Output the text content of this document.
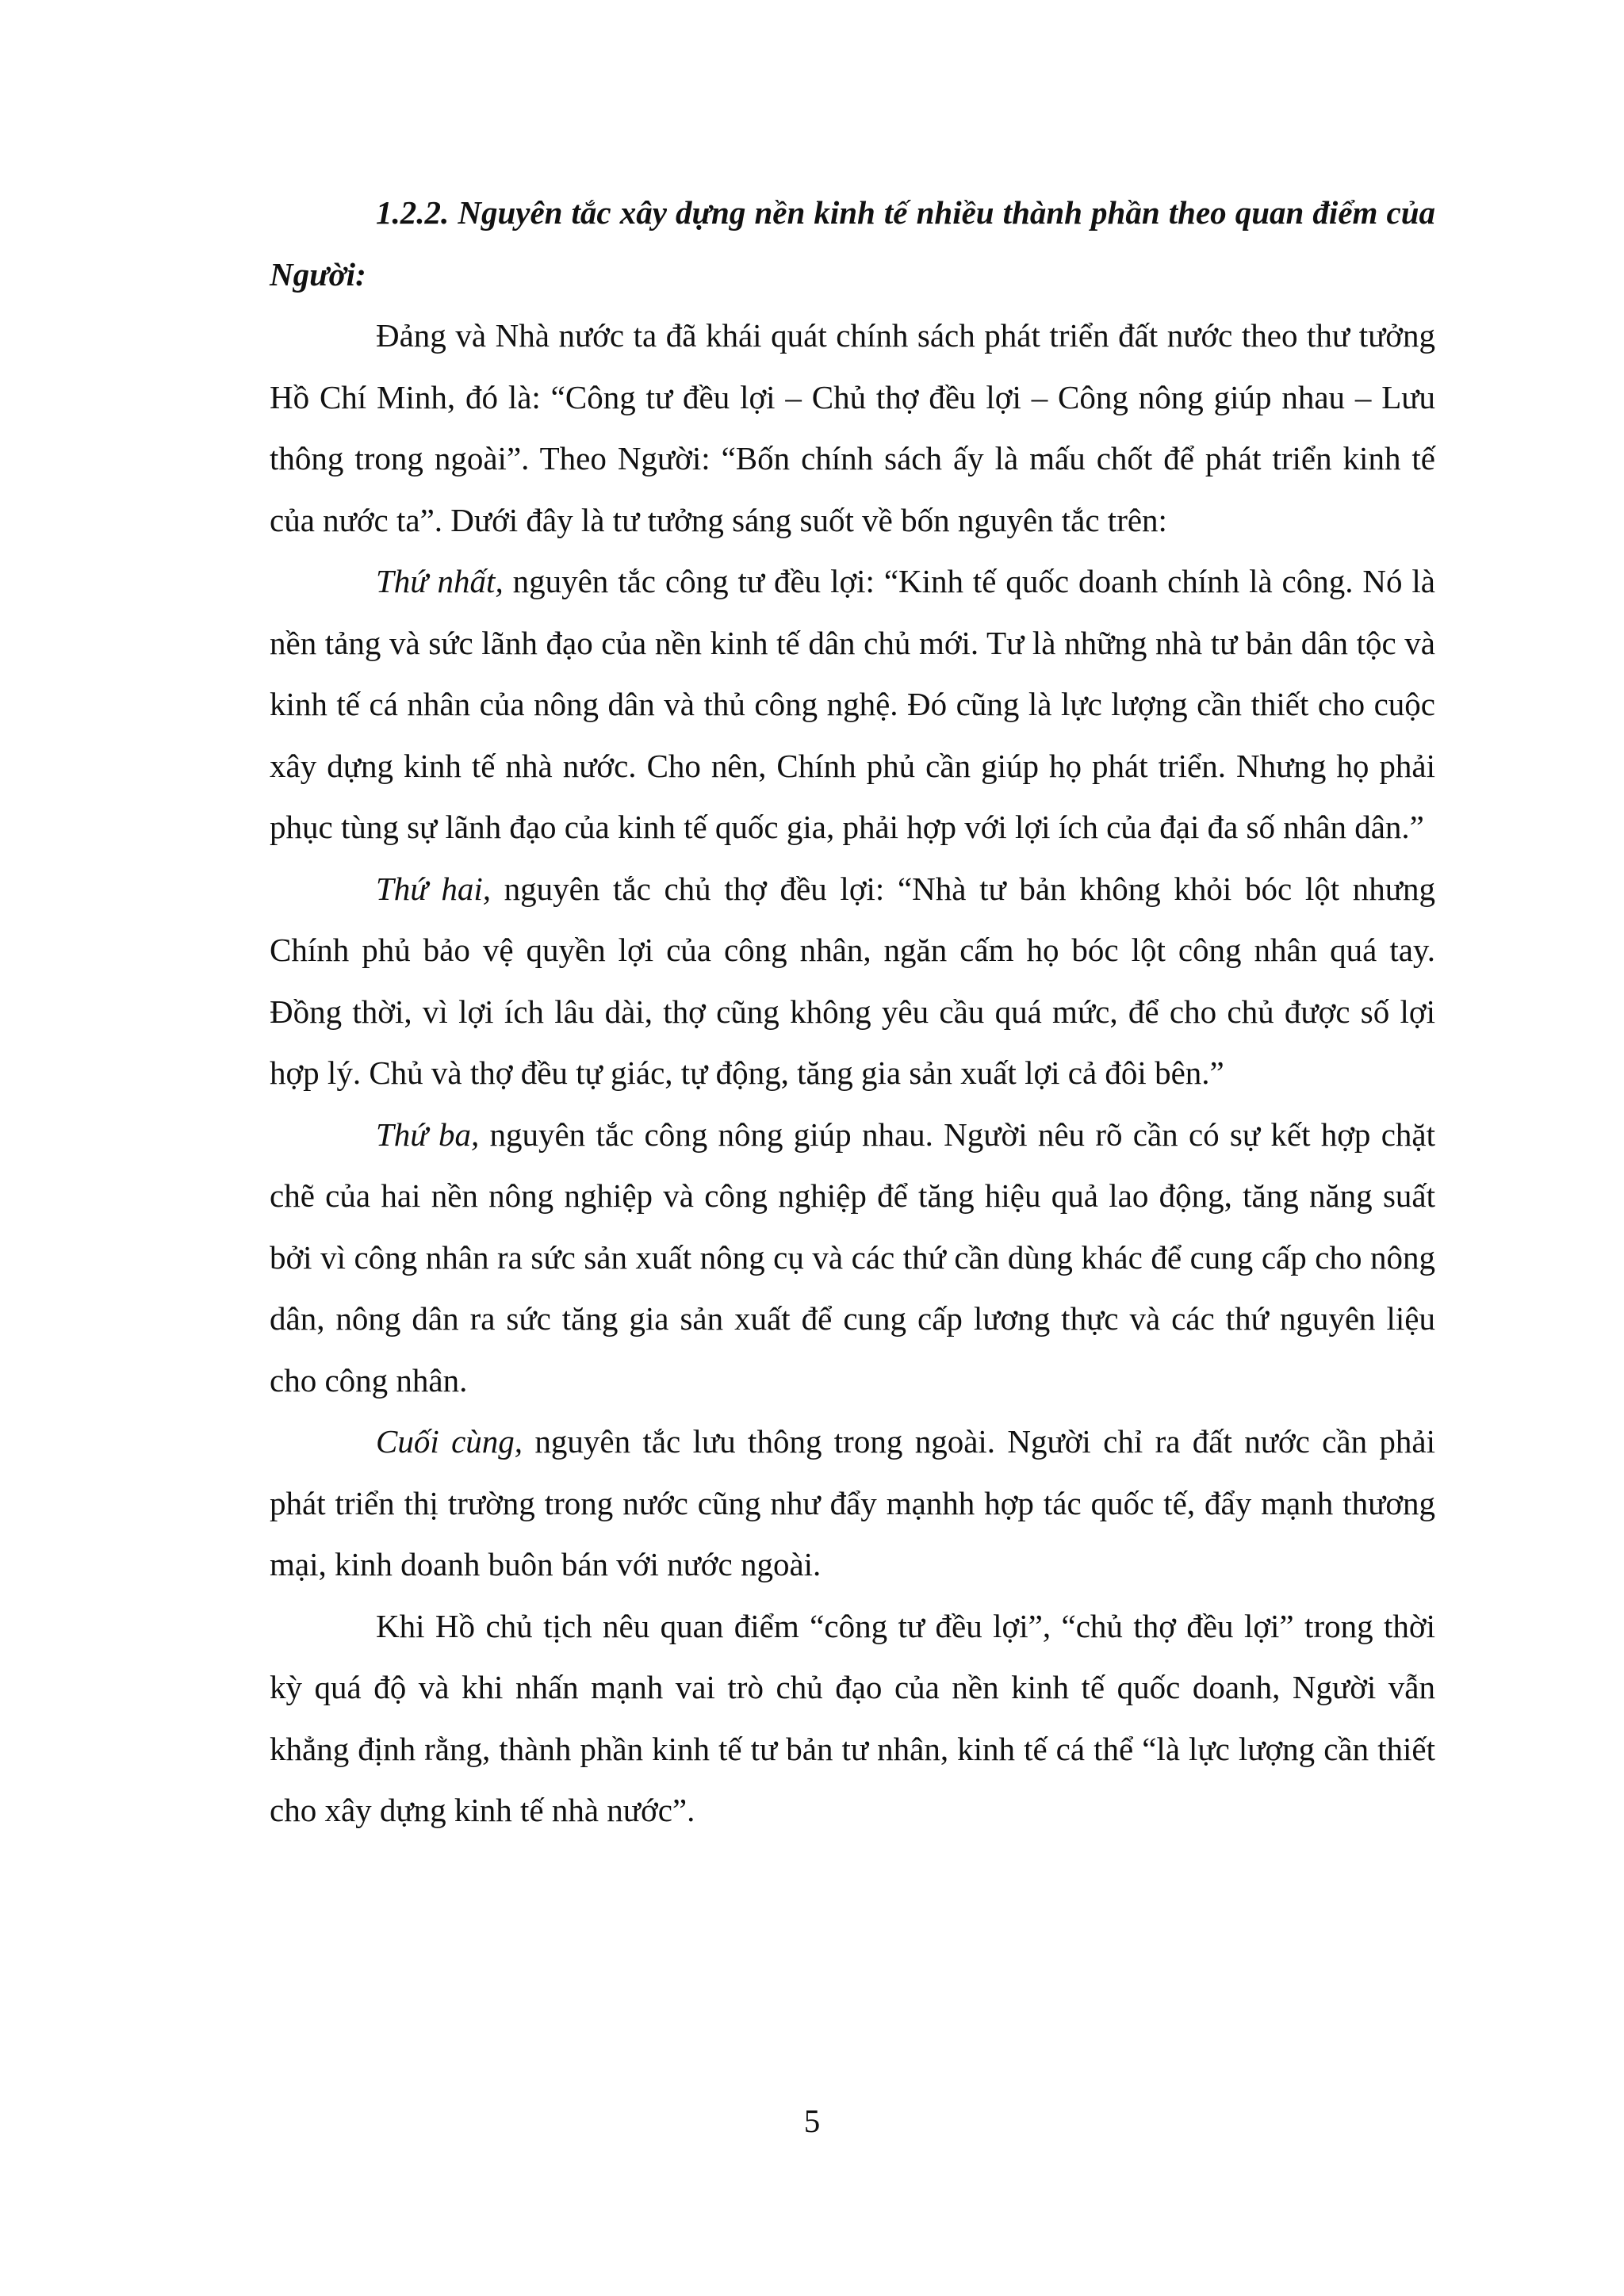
1.2.2. Nguyên tắc xây dựng nền kinh tế nhiều thành phần theo quan điểm của Người:

Đảng và Nhà nước ta đã khái quát chính sách phát triển đất nước theo thư tưởng Hồ Chí Minh, đó là: “Công tư đều lợi – Chủ thợ đều lợi – Công nông giúp nhau – Lưu thông trong ngoài”. Theo Người: “Bốn chính sách ấy là mấu chốt để phát triển kinh tế của nước ta”. Dưới đây là tư tưởng sáng suốt về bốn nguyên tắc trên:

Thứ nhất, nguyên tắc công tư đều lợi: “Kinh tế quốc doanh chính là công. Nó là nền tảng và sức lãnh đạo của nền kinh tế dân chủ mới. Tư là những nhà tư bản dân tộc và kinh tế cá nhân của nông dân và thủ công nghệ. Đó cũng là lực lượng cần thiết cho cuộc xây dựng kinh tế nhà nước. Cho nên, Chính phủ cần giúp họ phát triển. Nhưng họ phải phục tùng sự lãnh đạo của kinh tế quốc gia, phải hợp với lợi ích của đại đa số nhân dân.”

Thứ hai, nguyên tắc chủ thợ đều lợi: “Nhà tư bản không khỏi bóc lột nhưng Chính phủ bảo vệ quyền lợi của công nhân, ngăn cấm họ bóc lột công nhân quá tay. Đồng thời, vì lợi ích lâu dài, thợ cũng không yêu cầu quá mức, để cho chủ được số lợi hợp lý. Chủ và thợ đều tự giác, tự động, tăng gia sản xuất lợi cả đôi bên.”

Thứ ba, nguyên tắc công nông giúp nhau. Người nêu rõ cần có sự kết hợp chặt chẽ của hai nền nông nghiệp và công nghiệp để tăng hiệu quả lao động, tăng năng suất bởi vì công nhân ra sức sản xuất nông cụ và các thứ cần dùng khác để cung cấp cho nông dân, nông dân ra sức tăng gia sản xuất để cung cấp lương thực và các thứ nguyên liệu cho công nhân.

Cuối cùng, nguyên tắc lưu thông trong ngoài. Người chỉ ra đất nước cần phải phát triển thị trường trong nước cũng như đẩy mạnhh hợp tác quốc tế, đẩy mạnh thương mại, kinh doanh buôn bán với nước ngoài.

Khi Hồ chủ tịch nêu quan điểm “công tư đều lợi”, “chủ thợ đều lợi” trong thời kỳ quá độ và khi nhấn mạnh vai trò chủ đạo của nền kinh tế quốc doanh, Người vẫn khẳng định rằng, thành phần kinh tế tư bản tư nhân, kinh tế cá thể “là lực lượng cần thiết cho xây dựng kinh tế nhà nước”.

5
